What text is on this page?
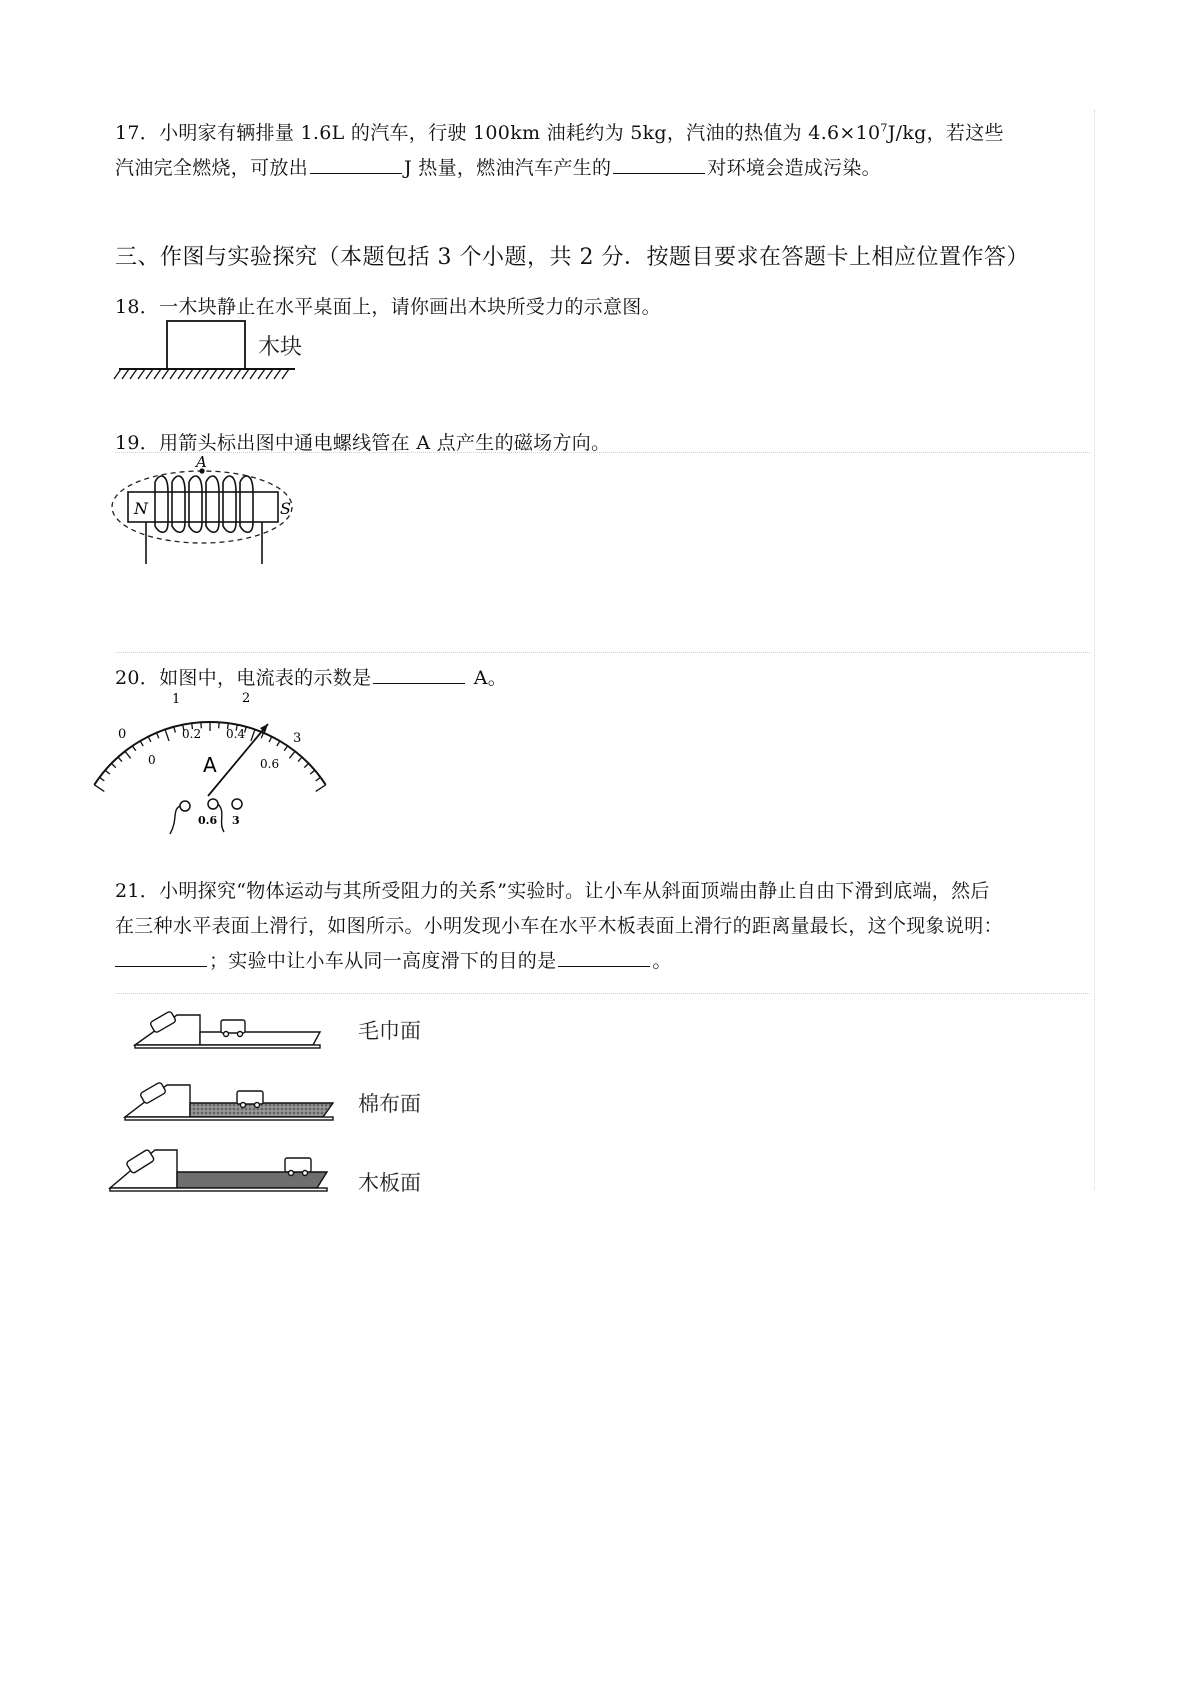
17．小明家有辆排量 1.6L 的汽车，行驶 100km 油耗约为 5kg，汽油的热值为 $4.6\times 10^7J/kg$，若这些
汽油完全燃烧，可放出	J 热量，燃油汽车产生的	对环境会造成污染。
三、作图与实验探究（本题包括 3 个小题，共 2 分．按题目要求在答题卡上相应位置作答）
18．一木块静止在水平桌面上，请你画出木块所受力的示意图。
木块
19．用箭头标出图中通电螺线管在 A 点产生的磁场方向。
A
N	S
20．如图中，电流表的示数是	A。
0
1	2
3
0
0.2 0.4
0.6
A
0.6 3
21．小明探究“物体运动与其所受阻力的关系”实验时。让小车从斜面顶端由静止自由下滑到底端，然后
在三种水平表面上滑行，如图所示。小明发现小车在水平木板表面上滑行的距离量最长，这个现象说明：
；实验中让小车从同一高度滑下的目的是	。
毛巾面
棉布面
木板面
